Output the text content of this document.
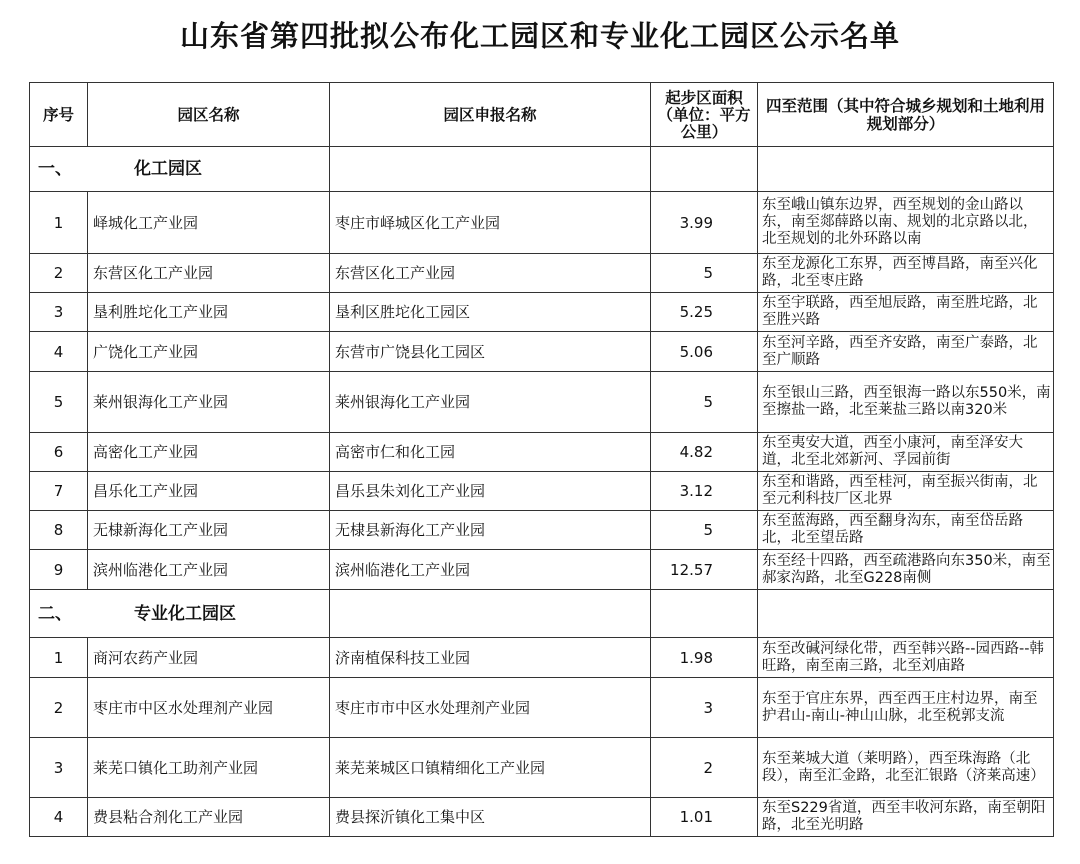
山东省第四批拟公布化工园区和专业化工园区公示名单
序号	园区名称	园区申报名称	起步区面积（单位：平方公里）	四至范围（其中符合城乡规划和土地利用规划部分）
一、 化工园区				
1	峄城化工产业园	枣庄市峄城区化工产业园	3.99	东至峨山镇东边界，西至规划的金山路以东，南至郯薛路以南、规划的北京路以北，北至规划的北外环路以南
2	东营区化工产业园	东营区化工产业园	5	东至龙源化工东界，西至博昌路，南至兴化路，北至枣庄路
3	垦利胜坨化工产业园	垦利区胜坨化工园区	5.25	东至宇联路，西至旭辰路，南至胜坨路，北至胜兴路
4	广饶化工产业园	东营市广饶县化工园区	5.06	东至河辛路，西至齐安路，南至广泰路，北至广顺路
5	莱州银海化工产业园	莱州银海化工产业园	5	东至银山三路，西至银海一路以东550米，南至擦盐一路，北至莱盐三路以南320米
6	高密化工产业园	高密市仁和化工园	4.82	东至夷安大道，西至小康河，南至泽安大道，北至北郊新河、孚园前街
7	昌乐化工产业园	昌乐县朱刘化工产业园	3.12	东至和谐路，西至桂河，南至振兴街南，北至元利科技厂区北界
8	无棣新海化工产业园	无棣县新海化工产业园	5	东至蓝海路，西至翻身沟东，南至岱岳路北，北至望岳路
9	滨州临港化工产业园	滨州临港化工产业园	12.57	东至经十四路，西至疏港路向东350米，南至郝家沟路，北至G228南侧
二、 专业化工园区				
1	商河农药产业园	济南植保科技工业园	1.98	东至改碱河绿化带，西至韩兴路--园西路--韩旺路，南至南三路，北至刘庙路
2	枣庄市中区水处理剂产业园	枣庄市市中区水处理剂产业园	3	东至于官庄东界，西至西王庄村边界，南至护君山-南山-神山山脉，北至税郭支流
3	莱芜口镇化工助剂产业园	莱芜莱城区口镇精细化工产业园	2	东至莱城大道（莱明路），西至珠海路（北段），南至汇金路，北至汇银路（济莱高速）
4	费县粘合剂化工产业园	费县探沂镇化工集中区	1.01	东至S229省道，西至丰收河东路，南至朝阳路，北至光明路
